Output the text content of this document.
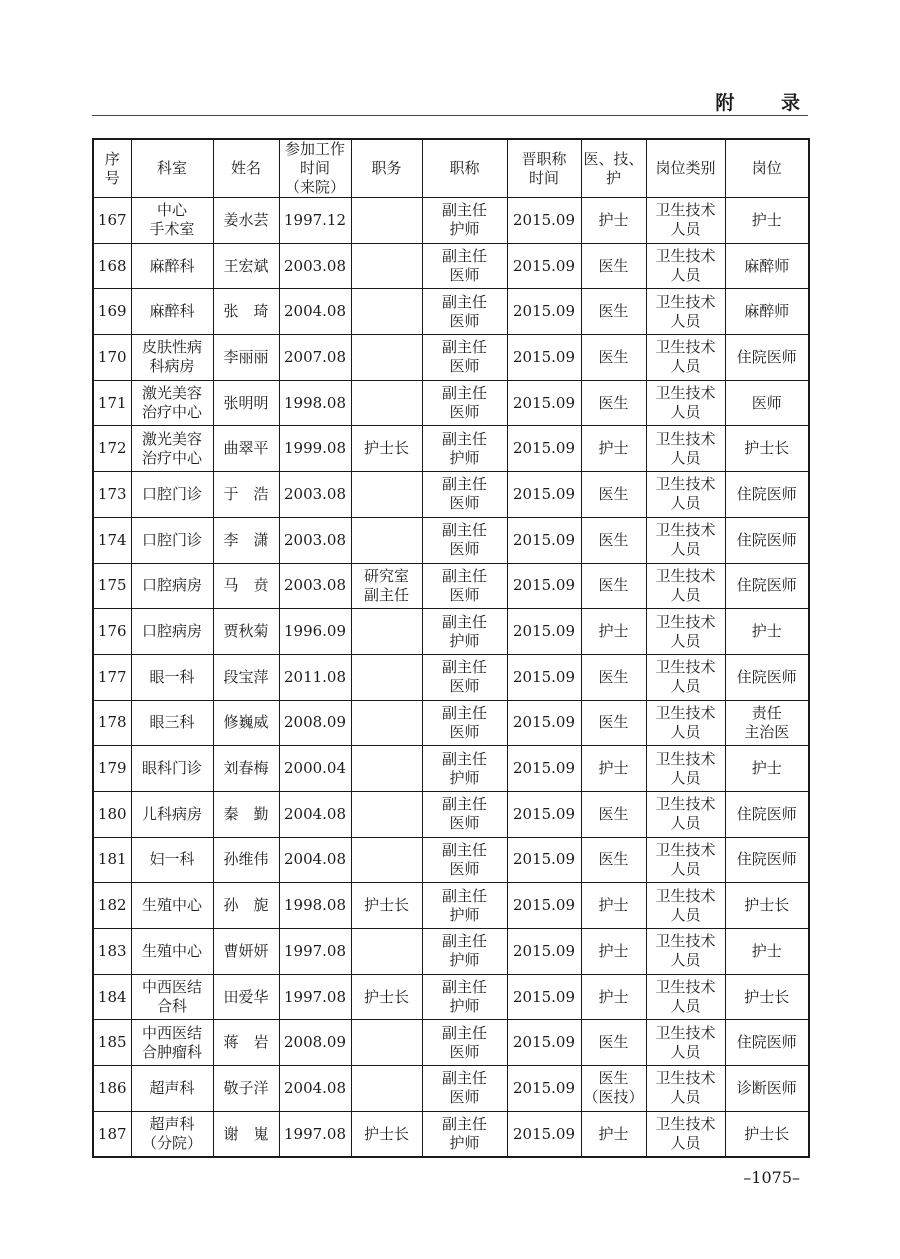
附 录
序
号	科室	姓名	参加工作
时间
（来院）	职务	职称	晋职称
时间	医、技、
护	岗位类别	岗位
167	中心
手术室	姜水芸	1997.12		副主任
护师	2015.09	护士	卫生技术
人员	护士
168	麻醉科	王宏斌	2003.08		副主任
医师	2015.09	医生	卫生技术
人员	麻醉师
169	麻醉科	张　琦	2004.08		副主任
医师	2015.09	医生	卫生技术
人员	麻醉师
170	皮肤性病
科病房	李丽丽	2007.08		副主任
医师	2015.09	医生	卫生技术
人员	住院医师
171	激光美容
治疗中心	张明明	1998.08		副主任
医师	2015.09	医生	卫生技术
人员	医师
172	激光美容
治疗中心	曲翠平	1999.08	护士长	副主任
护师	2015.09	护士	卫生技术
人员	护士长
173	口腔门诊	于　浩	2003.08		副主任
医师	2015.09	医生	卫生技术
人员	住院医师
174	口腔门诊	李　潇	2003.08		副主任
医师	2015.09	医生	卫生技术
人员	住院医师
175	口腔病房	马　贲	2003.08	研究室
副主任	副主任
医师	2015.09	医生	卫生技术
人员	住院医师
176	口腔病房	贾秋菊	1996.09		副主任
护师	2015.09	护士	卫生技术
人员	护士
177	眼一科	段宝萍	2011.08		副主任
医师	2015.09	医生	卫生技术
人员	住院医师
178	眼三科	修巍威	2008.09		副主任
医师	2015.09	医生	卫生技术
人员	责任
主治医
179	眼科门诊	刘春梅	2000.04		副主任
护师	2015.09	护士	卫生技术
人员	护士
180	儿科病房	秦　勤	2004.08		副主任
医师	2015.09	医生	卫生技术
人员	住院医师
181	妇一科	孙维伟	2004.08		副主任
医师	2015.09	医生	卫生技术
人员	住院医师
182	生殖中心	孙　旎	1998.08	护士长	副主任
护师	2015.09	护士	卫生技术
人员	护士长
183	生殖中心	曹妍妍	1997.08		副主任
护师	2015.09	护士	卫生技术
人员	护士
184	中西医结
合科	田爱华	1997.08	护士长	副主任
护师	2015.09	护士	卫生技术
人员	护士长
185	中西医结
合肿瘤科	蒋　岩	2008.09		副主任
医师	2015.09	医生	卫生技术
人员	住院医师
186	超声科	敬子洋	2004.08		副主任
医师	2015.09	医生
（医技）	卫生技术
人员	诊断医师
187	超声科
（分院）	谢　嵬	1997.08	护士长	副主任
护师	2015.09	护士	卫生技术
人员	护士长
–1075–
